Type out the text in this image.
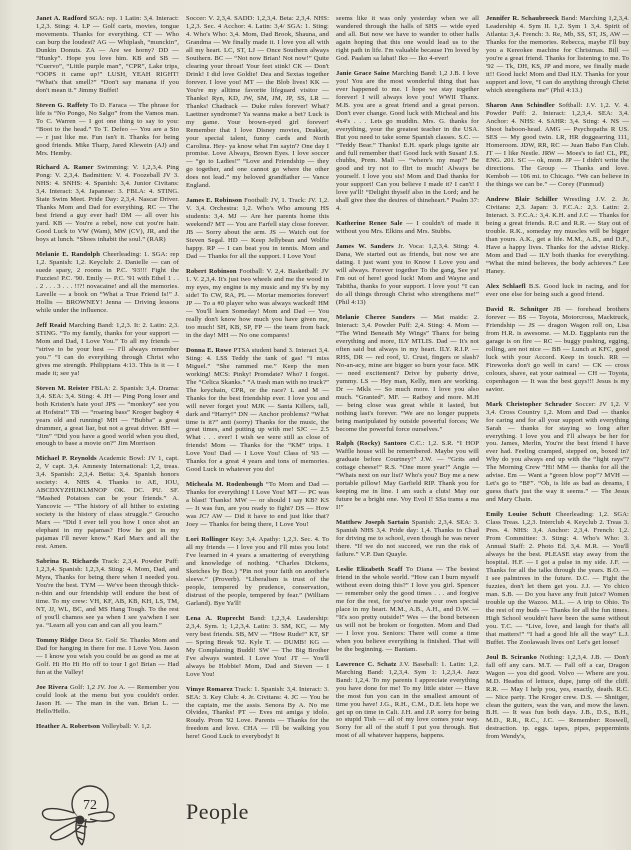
Janet A. Radford SGA: rep. 1 Latin: 3,4. Interact: 1,2,3. Sting: 4. LP — Golf carts, movies, tongue movements. Thanks for everything. CT — Who can burp the loudest? AG — Whiplash, “munckin”, Dunkin Donuts. ZA — Are we horny? DD — “Hunky”. Hope you love him. KB and SB — “Cuervo”, “Little purple man”, “CPR”, Lake trips, “OOPS it came up!” LUSH, YEAH RIGHT! “What's that smell?” “Don't say manana if you don't mean it.” Jimmy Buffet!

Steven G. Raffety To D. Faraca — The phrase for life is “No Pongo, No Salgo” from the Vamos man. To C. Warren — I got one thing to say to you: “Boot to the head.” To T. Defeo — You are a Sto — r just like me. Fun isn't it. Thanks for being good friends. Mike Tharp, Jared Klewein (AJ) and Mrs. Hemby.

Richard A. Ramer Swimming: V. 1,2,3,4. Ping Pong: V. 2,3,4. Badmitten: V. 4. Foozeball JV 3. NHS: 4. SNHS: 4. Spanish: 3,4. Junior Civitans: 3,4. Interact: 3,4. Japanese: 3. FBLA: 4. STING. State Swim Meet. Pride Day: 2,3,4. Nascar Driver. Thanks Mom and Dad for everything. RC — The best friend a guy ever had! DM — all over his yard. KB — You're a rebel, now cut you're hair. Good Luck to VW (Wam), MW (CV), JR, and the boys at lunch. “Shoes inhabit the soul.” (RAR)

Melanie E. Randolph Cheerleading: 1. SGA: rep 1,2. Spanish: 1,2. Keyclub: 2. Danielle — can of suede spary, 2 rooms in P.C. '93!!! Fight the Fuzzies! P.C. '90. Emily — P.C. '91 with Ethel 1 . . . 2 . . . 3 . . . !!?! novacaine! and all the memories. Lavelle — a book on “What a True Friend Is!” J. Hollis — BROWNEY! Jenna — Driving lessons while under the influence.

Jeff Reaid Marching Band: 1,2,3. It: 2. Latin: 2,3. STING. “To my family, thanks for your support — Mom and Dad, I Love You.” To all my friends — “strive to be your best — I'll always remember you.” “I can do everything through Christ who gives me strength. Philippians 4:13. This is it — I made it; see ya!

Steven M. Reister FBLA: 2. Spanish: 3,4. Drama: 3,4. SEA: 3,4. Sting: 4. JH — Ping Pong loser and both Kristen's hate you! JPS — “monkey” see you at Hofstra!” TB — “roaring bass” Kroger bagboy 4 years old and running! MH — “Bubba” a great drummer, a great liar, but not a great driver. BH — “Jim” “Did you have a good world when you died, enough to base a movie on?” Jim Morrison

Michael P. Reynolds Academic Bowl: JV 1, capt. 2, V capt. 3,4. Amnesty International: 1,2, treas. 3,4. Spanish: 2,3,4. Betta: 3,4. Spanish honors society: 4. NHS 4. Thanks to AE, IOU, ABCDXYZHIJKLMNOP OK. DC. PU. SF. “Mashed Potatoes can be your friends.” A. Yancovic — “The history of all hither to existing society is the history of class struggle.” Groucho Marx — “Did I ever tell you how I once shot an elephant in my pajamas? How he got in my pajamas I'll never know.” Karl Marx and all the rest. Amen.

Sabrina R. Richards Track: 2,3,4. Powder Puff: 1,2,3,4. Spanish: 1,2,3,4. Sting: 4. Mom, Dad, and Myra, Thanks for being there when I needed you. You're the best. TYM — We've been through thick-n-thin and our friendship will endure the best of time. To my crew: VH, KF, AB, KB, KH, LS, TM, NT, JJ, WL, BC, and MS Hang Tough. To the rest of you'll chamos see ya when I see ya/when I see ya. “Learn all you can and can all you learn.”

Tommy Ridge Deca Sr. Golf Sr. Thanks Mom and Dad for hanging in there for me. I Love You. Jason — I know you wish you could be as good as me at Golf. Hi Ho Hi Ho off to tour I go! Brian — Had fun at the Valley!

Joe Rivera Golf: 1,2 JV. Joe A. — Remember you could look at the menu but you couldn't order. Jason H. — The man in the van. Brian L. — Hello/Hello.

Heather A. Robertson Volleyball: V. 1,2.

Soccer: V. 2,3,4. SADD: 1,2,3,4. Beta: 2,3,4. NHS: 1,2,3. Sec. 4 Acchor: 4. Latin: 3,4/ SGA: 1. Sting: 4. Who's Who: 3,4. Mom, Dad Brook, Shauna, and Grandma — We finally made it. I love you all with all my heart. LC, ST, LJ — Once Southern always Southern. BC — “Not now Brian! Not now!” Quite clearing your throat! Your feet stink! CK — Don't Drink! I did love Goldie! Dea and Sextas together forever. I love you! MT — the Blob lives! KK — You're my alltime favorite lifeguard visitor — Thanks! Ryn, KD, JW, SM, JM, JP, SS, LR — Thanks! Chadrack — Duke rules forever! What? Laettner syndrome? Ya wanna make a bet? Luck is my game. Your brown-eyed girl forever! Remember that I love Disney movies, Drakkar, your special talent, funny cards and North Carolina. Hey- ya know what I'm sayin'? One day I promise. Love Always, Brown Eyes. I love soccer — “go to Ladies!” “Love and Friendship — they go together, and one cannot go where the other does not lead.” my beloved grandfather — Vance England.

James E. Robinson Football: JV, 1. Track: JV. 1,2. V. 3,4. Orchestra: 1,2. Who's Who amoung HS students: 3,4. MJ — Are her parents home this weekend? MT — You are Farfell stay close forever. JB — Sorry about the arm. JS — Watch out for Steven Segal. HD — Keep Jellybean and Wolfie happy. RP — I can beat you in tennis. Mom and Dad — Thanks for all the support. I Love You!

Robert Robinson Football: V. 2,4. Basketball: JV 1. V. 2,3,4. It's just two wheels and me the wood in my eyes, my engine is my music and my 9's by my side! To CW, RA, PL — Mortar memories forever! JP — To a #0 player who was always wacked! HM — You'll learn Someday! Mom and Dad — You really don't know how much you have given me, too much! SH, KB, SP, FP — the team from back in the day! MH — No one compares!

Donna E. Rowe PTSA student band 3. Interact 3,4. Sting: 4. LSS Teddy the tank of gas! “I miss Miguel.” “She rammed me.” Keep the men working! MCS: Pinky! Promdate? Who? I forgot. The “Celica Skanks.” “A trash man with no truck?” The keychain, CPR, or the race? L and M — Thanks for the best friendship ever. I love you and will never forget you! MJK — Santa Killers, tall, dark and “Harry!” DN — Anchor problems? “What time is it?” anti (sorry) Thanks for the music, the great times, and putting up with me! SJC — 2.5 What . . . ever! I wish we were still as close of friends! Mom — Thanks for the “KM” trips. I Love You! Dad — I Love You! Class of '93 — Thanks for a great 4 years and tons of memories. Good Luck in whatever you do!

Micheala M. Rodenbough “To Mom and Dad — Thanks for everything! I Love You! MT — PC was a blast! Thanks! MW — or should I say KB? KS — It was fun, are you ready to fight? DS — How was JC? AW — Did it have to end just like that? Joey — Thanks for being there, I Love You!

Lori Rollinger Key: 3,4. Apathy: 1,2,3. Sec. 4. To all my friends — I love you and I'll miss you lots! I've learned in 4 years a smattering of everything and knowledge of nothing. “Charles Dickens, Sketches by Boz.) “Pin not your faith on another's sleeve.” (Proverb). “Liberalism is trust of the people, tempered by prudence, conservation, distrust of the people, tempered by fear.” (William Garland). Bye Ya'll!

Lena A. Ruprecht Band: 1,2,3,4. Leadership: 2,3,4. Sym. 1; 1,2,3,4. Latin: 3. SM, KC, — My very best friends. SB, MV — “How Rude!” KT, SF — Spring Break '92. Kyle T. — DUMB! KG — My Complaining Buddi! SW — The Big Brother I've always wanted. I Love You! JT — You'll always be Hobbie! Mom, Dad and Steven — I Love You!

Vimye Romarez Track: 1. Spanish: 3,4. Interact: 3. SEA: 3. Key Club: 4. Jr. Civitans: 4. JC — You be the captain, me the assis. Senora By A. No me Olvides, Thanks! PT — Eves mi amiga y idolo. Roudy. Prom '92 Love. Parents — Thanks for the freedom and love. CHA — I'll be walking you here! Good Luck to everybody! It

seems like it was only yesterday when we all wandered through the halls of SHS — wide eyed and all. But now we have to wander to other halls again hoping that this one would lead us to the right path in life. I'm valuable because I'm loved by God. Paalam sa lahat! Iko — Iko 4-ever!

Janie Grace Saine Marching Band: 1,2 J.B. I love you! You are the most wonderful thing that has ever happened to me. I hope we stay together forever! I will always love you! WWII Thanx. M.B. you are a great friend and a great person. Don't ever change. Good luck with Micheal and his 4x4's . . . Lets go muddin. Mrs. G. thanks for everything, your the greatest teacher in the USA. But you need to take some Spanish classes. S.C. — “Teddy Bear.” Thanks! E.H. spark plugs ignite air and full remember that! Good luck with Susan! J.S. chuhbs, Prem. Mall — “where's my map?” Be good and try not to flirt to much! Always be yourself. I love you sis! Mom and Dad thanks for your support! Can you believe I made it? I can't! I love ya'll! “Delight thyself also in the Lord; and he shall give thee the desires of thineheart.” Psalm 37: 4.

Katherine Renee Sale — I couldn't of made it without you Mrs. Elkins and Mrs. Stubbs.

James W. Sanders Jr. Voca: 1,2,3,4. Sting: 4. Dana, We started out as friends, but now we are dating. I just want you to Know I Love you and will always. Forever together To the gang, See ya! I'm out of here! good luck! Mom and Wayne and Tabitha, thanks fo your support. I love you! “I can do all things through Christ who strengthens me!” (Phil 4:13)

Melanie Cheree Sanders — Mat maids: 2. Interact: 3,4. Powder Puff: 2,4. Sting: 4. Mom — “The Wind Beneath My Wings” Thanx for being everything and more, ILY MTLIS. Dad — It's not often said but always in my heart. ILY. R.I.P. — RHS, DR — red roof, U. Crust, fingers or slash? No-an-acy, mine are bigger so burn your face. MK — need excitement? Drive by puberty drive, yummy. LS — Hey man, Kelly, men are working. Dr — Mkls — So much more. I love you also much. “Granted”. MF. — Ratboy and more. M.H — being close was great while it lasted, but nothing last's forever. “We are no longer puppets being manipulated by outside powerful forces; We become the powerful force ourselves.”

Ralph (Rocky) Santoro C.C.: 1,2. S.R. “I HOP Waffle house will be remembered. Maybe you will graduate before Courtney!” J.W. — “Grits and cottage cheese!” R.S. “One more year!” Angie — “Whats next on our list? Who's you? Buy me a new portable pillow! May Garfield RIP. Thank you for keeping me in line. I am such a cluts! May our future be a bright one. Voy Evol I! SSa trams a ma I!”

Matthew Joseph Sartain Spanish: 2,3,4. SEA: 3. Spanish NHS 3,4. Pride day: 1,4. Thanks to Chad for driving me to school, even though he was never there. “If we do not succeed, we run the risk of failure.” V.P. Dan Quayle.

Leslie Elizabeth Scaff To Diana — The bestest friend in the whole world. “How can I burn myself without even doing this?” I love you girl. Spencer — remember only the good times . . . and forgive me for the rest, for you've made your own special place in my heart. M.M., A.B., A.H., and D.W. — “It's soo pretty outside!” Wes — the bond between us will not be broken or forgotten. Mom and Dad — I love you. Seniors: There will come a time when you believe everything is finished. That will be the beginning. — Bantam.

Lawrence C. Schatz J.V. Baseball: 1. Latin: 1,2. Marching Band: 1,2,3,4. Sym 1: 1,2,3,4. Jazz Band: 1,2,4. To my parents I appreciate everything you have done for me! To my little sister — Have the most fun you can in the smallest amount of time you have! J.G., R.H., C.M., D.E. lets hope we get up on time in Cali. J.H. and J.P. sorry for being so stupid Tish — all of my love comes your way. Sorry for all of the stuff I put you through. But most of all whatever happens, happens.

Jennifer R. Schaubroeck Band: Marching 1,2,3,4. Leadership 4. Sym II. 1,2. Sym 1 3,4. Spirit of Atlanta: 3,4. French: 3. Re, Mb, SS, ST, JS, AW — Thanks for the memories. Rebecca, maybe I'll buy you a Kereokee machine for Christmas. Bill — you're a great friend. Thanks for listening to me. To '92 — Tk, DH, KS, JP and more, we finally made it!! Good luck! Mom and Dad ILY. Thanks for your support and love, “I can do anything through Christ which strengthens me” (Phil 4:13.)

Sharon Ann Schindler Softball: J.V. 1,2. V. 4. Powder Puff: 2. Interact: 1,2,3,4. SEA: 3,4. Anchor: 4. NHS: 4. SAHR: 3,4. Sting: 4. NS — Shoot baboon-head. AMG — Psychopaths R US. SES — My good twin. LR, HR doggearring 111, Homeroom. JDW, RR, RC — Juan Babo Fan Club. JT — I like Nestle. JRW — Moes's to fat! CL, PE, ENG. 201. SC — ok, mom. JP — I didn't write the directions. The Group — Thanks and love. Kembob — 106 mi. to Chicago. “We can believe in the things we can be.” — Corey (Funmud)

Andrew Blair Schiller Wrestling J.V. 2. Jr. Civitans: 2,3. Japan: 3. F.C.A.: 2,3. Latin: 2. Interact. 3. F.C.A.: 3,4. K.H. and J.C — Thanks for being a great friends. R.C and R.R. — Stay out of trouble. R.K., someday my muscles will be bigger than yours. A.K., get a life. M.M., A.B., and D.F., Have a happy lives. Thanks for the advise Ricky. Mom and Dad — ILY both thanks for everything. “What the mind believes, the body achieves.” Lee Haney.

Alex Schlaefl B.S. Good luck in racing, and for ever one else for being such a good friend.

David R. Schnitger JB — forehead brothers forever — BS — Toyota, Motorcross, Macktruck, Friendship — JS — dragon Wagon roll on, Lisa from H.R. is awesome. — M.D. Eggplants run the garage is on fire — RC — buggy pushing, egging, rolling, are not nice — BB — Lunch at KFC, good luck with your Accord. Keep in touch. RR — Fireworks don't go well in cars! — CK — cross colours, shave, eat your oatmeal — CH — Toyota, copenhagon — It was the best guys!!! Jesus is my savior.

Mark Christopher Schrader Soccer: JV 1,2. V 3,4. Cross Country 1,2. Mom and Dad — thanks for caring and for all your support with everything Sarah — thanks for staying so long after everything. I love you and I'll always be her for you. James, Merlin, You're the best friend I have ever had. Feeling cramped, stepped on, boxed in? Why do you always end up with the “light rays”? The Morning Crew “Hi! MM — thanks for all the advise. Em — Want a “green blow pop”? MVH — Let's go to “BF”. “Oh, is life as bad as dreams, I guess that's just the way it seems.” — The Jesus and Mary Chain.

Emily Louise Schutt Cheerleading: 1,2. SGA: Class Treas. 1,2,3. Interclub 4. Keyclub 2. Treas 3. Pres. 4. NHS: 3,4. Anchor: 2,3,4. French: 1,2. Prom Committee: 3. Sting: 4. Who's Who: 3. Annual Staff: 2. Photo Ed. 3,4. M.R. — You'll always be the best. PLEASE stay away from the hospital. H.F. — I got a pulse in my side. J.F. — Thanks for all the talks through the years. B.O. — I see palmtrees in the future. D.C. — Fight the fuzzies, don't let them get you. J.J. — Yo chico man. S.B. — Do you have any fruit juice? Women trouble up the Wazoo. M.L. — A trip to Ohio. To the rest of my buds — Thanks for all the fun times. High School wouldn't have been the same without you. T.C. — “Live, love, and laugh for that's all that matters!” “I had a good life all the way” L.J. Buffet. The Zoolawash lives on! Let's get loose!

Joul B. Sciranko Nothing: 1,2,3,4. J.B. — Don't fall off any cars. M.T. — Fall off a car, Dragon Wagon — you did good. Volvo — Where are you. M.D. Headus of lettuce, dupe, jump off the cliff. R.R. — May I help you, yes, exactly, death. R.C. — Nice party. The Kroger crew. D.S. — Shnitger, clean the gutters, wax the van, and mow the lawn. B.H. — It was fun both days. J.B., D.S., B.H., M.D., R.R., R.C., J.C. — Remember: Roswell, destraction. tp. eggs. tapes, pipes, peppermints from Wendy's,

72	People
